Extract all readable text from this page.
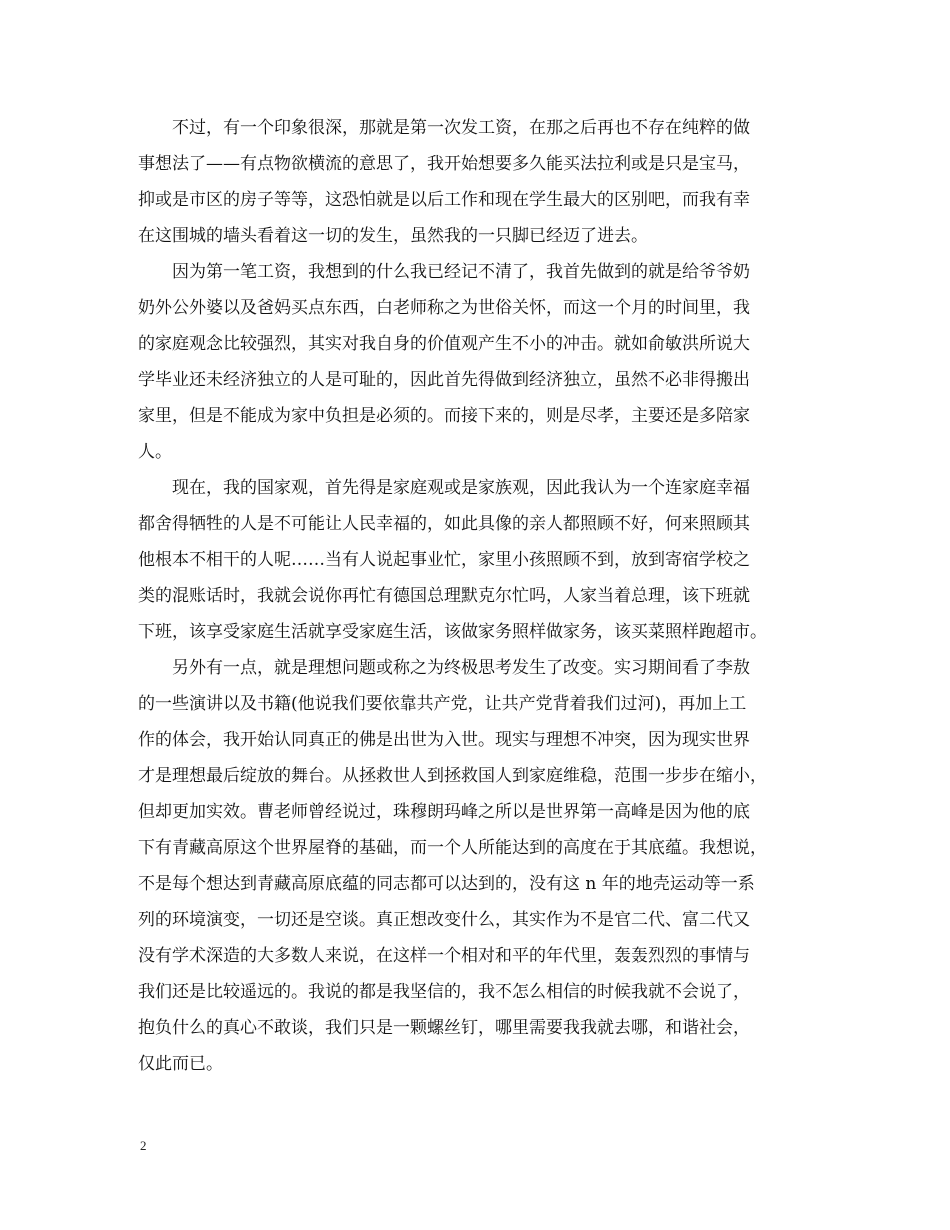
不过，有一个印象很深，那就是第一次发工资，在那之后再也不存在纯粹的做
事想法了——有点物欲横流的意思了，我开始想要多久能买法拉利或是只是宝马，
抑或是市区的房子等等，这恐怕就是以后工作和现在学生最大的区别吧，而我有幸
在这围城的墙头看着这一切的发生，虽然我的一只脚已经迈了进去。
因为第一笔工资，我想到的什么我已经记不清了，我首先做到的就是给爷爷奶
奶外公外婆以及爸妈买点东西，白老师称之为世俗关怀，而这一个月的时间里，我
的家庭观念比较强烈，其实对我自身的价值观产生不小的冲击。就如俞敏洪所说大
学毕业还未经济独立的人是可耻的，因此首先得做到经济独立，虽然不必非得搬出
家里，但是不能成为家中负担是必须的。而接下来的，则是尽孝，主要还是多陪家
人。
现在，我的国家观，首先得是家庭观或是家族观，因此我认为一个连家庭幸福
都舍得牺牲的人是不可能让人民幸福的，如此具像的亲人都照顾不好，何来照顾其
他根本不相干的人呢……当有人说起事业忙，家里小孩照顾不到，放到寄宿学校之
类的混账话时，我就会说你再忙有德国总理默克尔忙吗，人家当着总理，该下班就
下班，该享受家庭生活就享受家庭生活，该做家务照样做家务，该买菜照样跑超市。
另外有一点，就是理想问题或称之为终极思考发生了改变。实习期间看了李敖
的一些演讲以及书籍(他说我们要依靠共产党，让共产党背着我们过河)，再加上工
作的体会，我开始认同真正的佛是出世为入世。现实与理想不冲突，因为现实世界
才是理想最后绽放的舞台。从拯救世人到拯救国人到家庭维稳，范围一步步在缩小，
但却更加实效。曹老师曾经说过，珠穆朗玛峰之所以是世界第一高峰是因为他的底
下有青藏高原这个世界屋脊的基础，而一个人所能达到的高度在于其底蕴。我想说，
不是每个想达到青藏高原底蕴的同志都可以达到的，没有这 n 年的地壳运动等一系
列的环境演变，一切还是空谈。真正想改变什么，其实作为不是官二代、富二代又
没有学术深造的大多数人来说，在这样一个相对和平的年代里，轰轰烈烈的事情与
我们还是比较遥远的。我说的都是我坚信的，我不怎么相信的时候我就不会说了，
抱负什么的真心不敢谈，我们只是一颗螺丝钉，哪里需要我我就去哪，和谐社会，
仅此而已。
2
